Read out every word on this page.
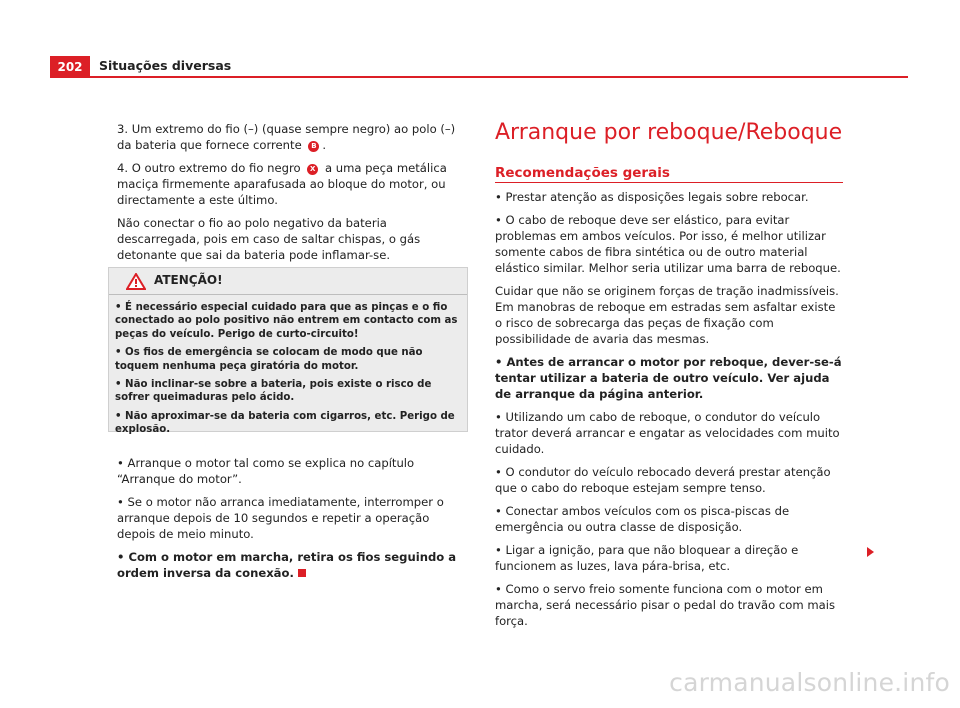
202	Situações diversas

3. Um extremo do fio (–) (quase sempre negro) ao polo (–) da bateria que fornece corrente B .

4. O outro extremo do fio negro X a uma peça metálica maciça firmemente aparafusada ao bloque do motor, ou directamente a este último.

Não conectar o fio ao polo negativo da bateria descarregada, pois em caso de saltar chispas, o gás detonante que sai da bateria pode inflamar-se.

ATENÇÃO!

• É necessário especial cuidado para que as pinças e o fio conectado ao polo positivo não entrem em contacto com as peças do veículo. Perigo de curto-circuito!

• Os fios de emergência se colocam de modo que não toquem nenhuma peça giratória do motor.

• Não inclinar-se sobre a bateria, pois existe o risco de sofrer queimaduras pelo ácido.

• Não aproximar-se da bateria com cigarros, etc. Perigo de explosão.

• Arranque o motor tal como se explica no capítulo “Arranque do motor”.

• Se o motor não arranca imediatamente, interromper o arranque depois de 10 segundos e repetir a operação depois de meio minuto.

• Com o motor em marcha, retira os fios seguindo a ordem inversa da conexão.

Arranque por reboque/Reboque
Recomendações gerais

• Prestar atenção as disposições legais sobre rebocar.

• O cabo de reboque deve ser elástico, para evitar problemas em ambos veículos. Por isso, é melhor utilizar somente cabos de fibra sintética ou de outro material elástico similar. Melhor seria utilizar uma barra de reboque.

Cuidar que não se originem forças de tração inadmissíveis. Em manobras de reboque em estradas sem asfaltar existe o risco de sobrecarga das peças de fixação com possibilidade de avaria das mesmas.

• Antes de arrancar o motor por reboque, dever-se-á tentar utilizar a bateria de outro veículo. Ver ajuda de arranque da página anterior.

• Utilizando um cabo de reboque, o condutor do veículo trator deverá arrancar e engatar as velocidades com muito cuidado.

• O condutor do veículo rebocado deverá prestar atenção que o cabo do reboque estejam sempre tenso.

• Conectar ambos veículos com os pisca-piscas de emergência ou outra classe de disposição.

• Ligar a ignição, para que não bloquear a direção e funcionem as luzes, lava pára-brisa, etc.

• Como o servo freio somente funciona com o motor em marcha, será necessário pisar o pedal do travão com mais força.

carmanualsonline.info
